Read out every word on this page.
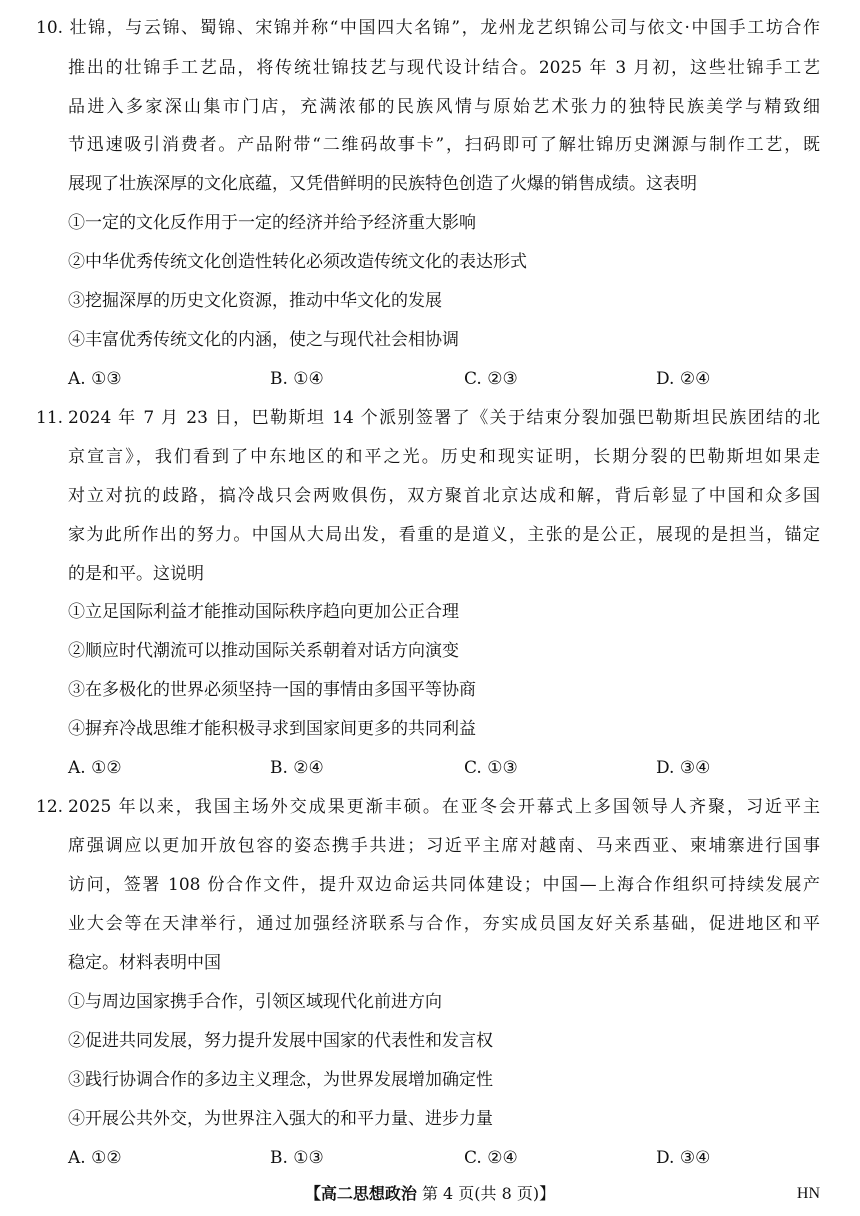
10. 壮锦，与云锦、蜀锦、宋锦并称“中国四大名锦”，龙州龙艺织锦公司与依文·中国手工坊合作
推出的壮锦手工艺品，将传统壮锦技艺与现代设计结合。2025 年 3 月初，这些壮锦手工艺
品进入多家深山集市门店，充满浓郁的民族风情与原始艺术张力的独特民族美学与精致细
节迅速吸引消费者。产品附带“二维码故事卡”，扫码即可了解壮锦历史渊源与制作工艺，既
展现了壮族深厚的文化底蕴，又凭借鲜明的民族特色创造了火爆的销售成绩。这表明
①一定的文化反作用于一定的经济并给予经济重大影响
②中华优秀传统文化创造性转化必须改造传统文化的表达形式
③挖掘深厚的历史文化资源，推动中华文化的发展
④丰富优秀传统文化的内涵，使之与现代社会相协调
A. ①③	B. ①④	C. ②③	D. ②④
11. 2024 年 7 月 23 日，巴勒斯坦 14 个派别签署了《关于结束分裂加强巴勒斯坦民族团结的北
京宣言》，我们看到了中东地区的和平之光。历史和现实证明，长期分裂的巴勒斯坦如果走
对立对抗的歧路，搞冷战只会两败俱伤，双方聚首北京达成和解，背后彰显了中国和众多国
家为此所作出的努力。中国从大局出发，看重的是道义，主张的是公正，展现的是担当，锚定
的是和平。这说明
①立足国际利益才能推动国际秩序趋向更加公正合理
②顺应时代潮流可以推动国际关系朝着对话方向演变
③在多极化的世界必须坚持一国的事情由多国平等协商
④摒弃冷战思维才能积极寻求到国家间更多的共同利益
A. ①②	B. ②④	C. ①③	D. ③④
12. 2025 年以来，我国主场外交成果更渐丰硕。在亚冬会开幕式上多国领导人齐聚，习近平主
席强调应以更加开放包容的姿态携手共进；习近平主席对越南、马来西亚、柬埔寨进行国事
访问，签署 108 份合作文件，提升双边命运共同体建设；中国—上海合作组织可持续发展产
业大会等在天津举行，通过加强经济联系与合作，夯实成员国友好关系基础，促进地区和平
稳定。材料表明中国
①与周边国家携手合作，引领区域现代化前进方向
②促进共同发展，努力提升发展中国家的代表性和发言权
③践行协调合作的多边主义理念，为世界发展增加确定性
④开展公共外交，为世界注入强大的和平力量、进步力量
A. ①②	B. ①③	C. ②④	D. ③④
【高二思想政治 第 4 页(共 8 页)】	HN
